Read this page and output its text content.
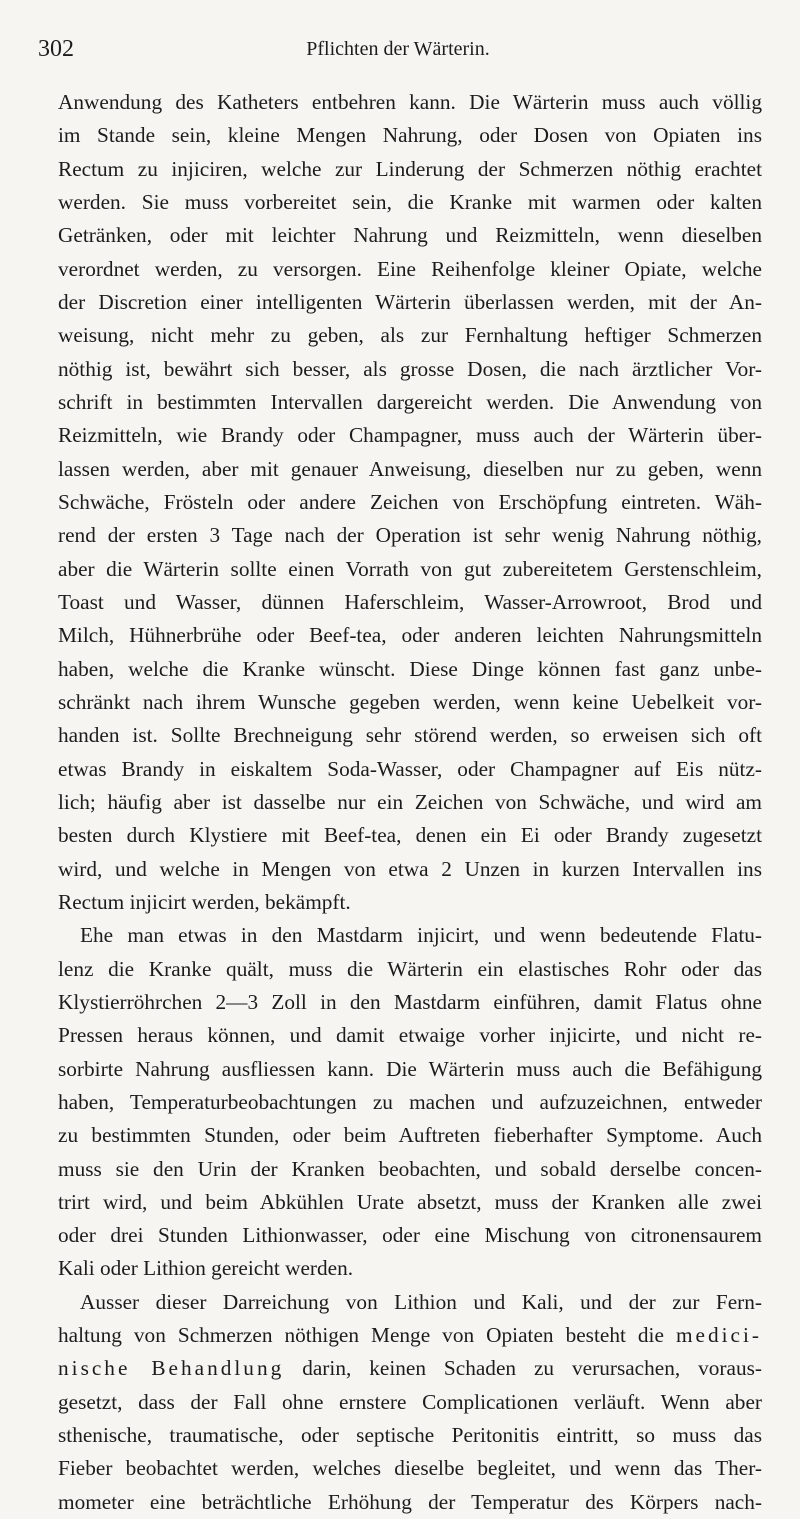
302	Pflichten der Wärterin.
Anwendung des Katheters entbehren kann. Die Wärterin muss auch völlig
im Stande sein, kleine Mengen Nahrung, oder Dosen von Opiaten ins
Rectum zu injiciren, welche zur Linderung der Schmerzen nöthig erachtet
werden. Sie muss vorbereitet sein, die Kranke mit warmen oder kalten
Getränken, oder mit leichter Nahrung und Reizmitteln, wenn dieselben
verordnet werden, zu versorgen. Eine Reihenfolge kleiner Opiate, welche
der Discretion einer intelligenten Wärterin überlassen werden, mit der An-
weisung, nicht mehr zu geben, als zur Fernhaltung heftiger Schmerzen
nöthig ist, bewährt sich besser, als grosse Dosen, die nach ärztlicher Vor-
schrift in bestimmten Intervallen dargereicht werden. Die Anwendung von
Reizmitteln, wie Brandy oder Champagner, muss auch der Wärterin über-
lassen werden, aber mit genauer Anweisung, dieselben nur zu geben, wenn
Schwäche, Frösteln oder andere Zeichen von Erschöpfung eintreten. Wäh-
rend der ersten 3 Tage nach der Operation ist sehr wenig Nahrung nöthig,
aber die Wärterin sollte einen Vorrath von gut zubereitetem Gerstenschleim,
Toast und Wasser, dünnen Haferschleim, Wasser-Arrowroot, Brod und
Milch, Hühnerbrühe oder Beef-tea, oder anderen leichten Nahrungsmitteln
haben, welche die Kranke wünscht. Diese Dinge können fast ganz unbe-
schränkt nach ihrem Wunsche gegeben werden, wenn keine Uebelkeit vor-
handen ist. Sollte Brechneigung sehr störend werden, so erweisen sich oft
etwas Brandy in eiskaltem Soda-Wasser, oder Champagner auf Eis nütz-
lich; häufig aber ist dasselbe nur ein Zeichen von Schwäche, und wird am
besten durch Klystiere mit Beef-tea, denen ein Ei oder Brandy zugesetzt
wird, und welche in Mengen von etwa 2 Unzen in kurzen Intervallen ins
Rectum injicirt werden, bekämpft.
Ehe man etwas in den Mastdarm injicirt, und wenn bedeutende Flatu-
lenz die Kranke quält, muss die Wärterin ein elastisches Rohr oder das
Klystierröhrchen 2—3 Zoll in den Mastdarm einführen, damit Flatus ohne
Pressen heraus können, und damit etwaige vorher injicirte, und nicht re-
sorbirte Nahrung ausfliessen kann. Die Wärterin muss auch die Befähigung
haben, Temperaturbeobachtungen zu machen und aufzuzeichnen, entweder
zu bestimmten Stunden, oder beim Auftreten fieberhafter Symptome. Auch
muss sie den Urin der Kranken beobachten, und sobald derselbe concen-
trirt wird, und beim Abkühlen Urate absetzt, muss der Kranken alle zwei
oder drei Stunden Lithionwasser, oder eine Mischung von citronensaurem
Kali oder Lithion gereicht werden.
Ausser dieser Darreichung von Lithion und Kali, und der zur Fern-
haltung von Schmerzen nöthigen Menge von Opiaten besteht die medici-
nische Behandlung darin, keinen Schaden zu verursachen, voraus-
gesetzt, dass der Fall ohne ernstere Complicationen verläuft. Wenn aber
sthenische, traumatische, oder septische Peritonitis eintritt, so muss das
Fieber beobachtet werden, welches dieselbe begleitet, und wenn das Ther-
mometer eine beträchtliche Erhöhung der Temperatur des Körpers nach-
